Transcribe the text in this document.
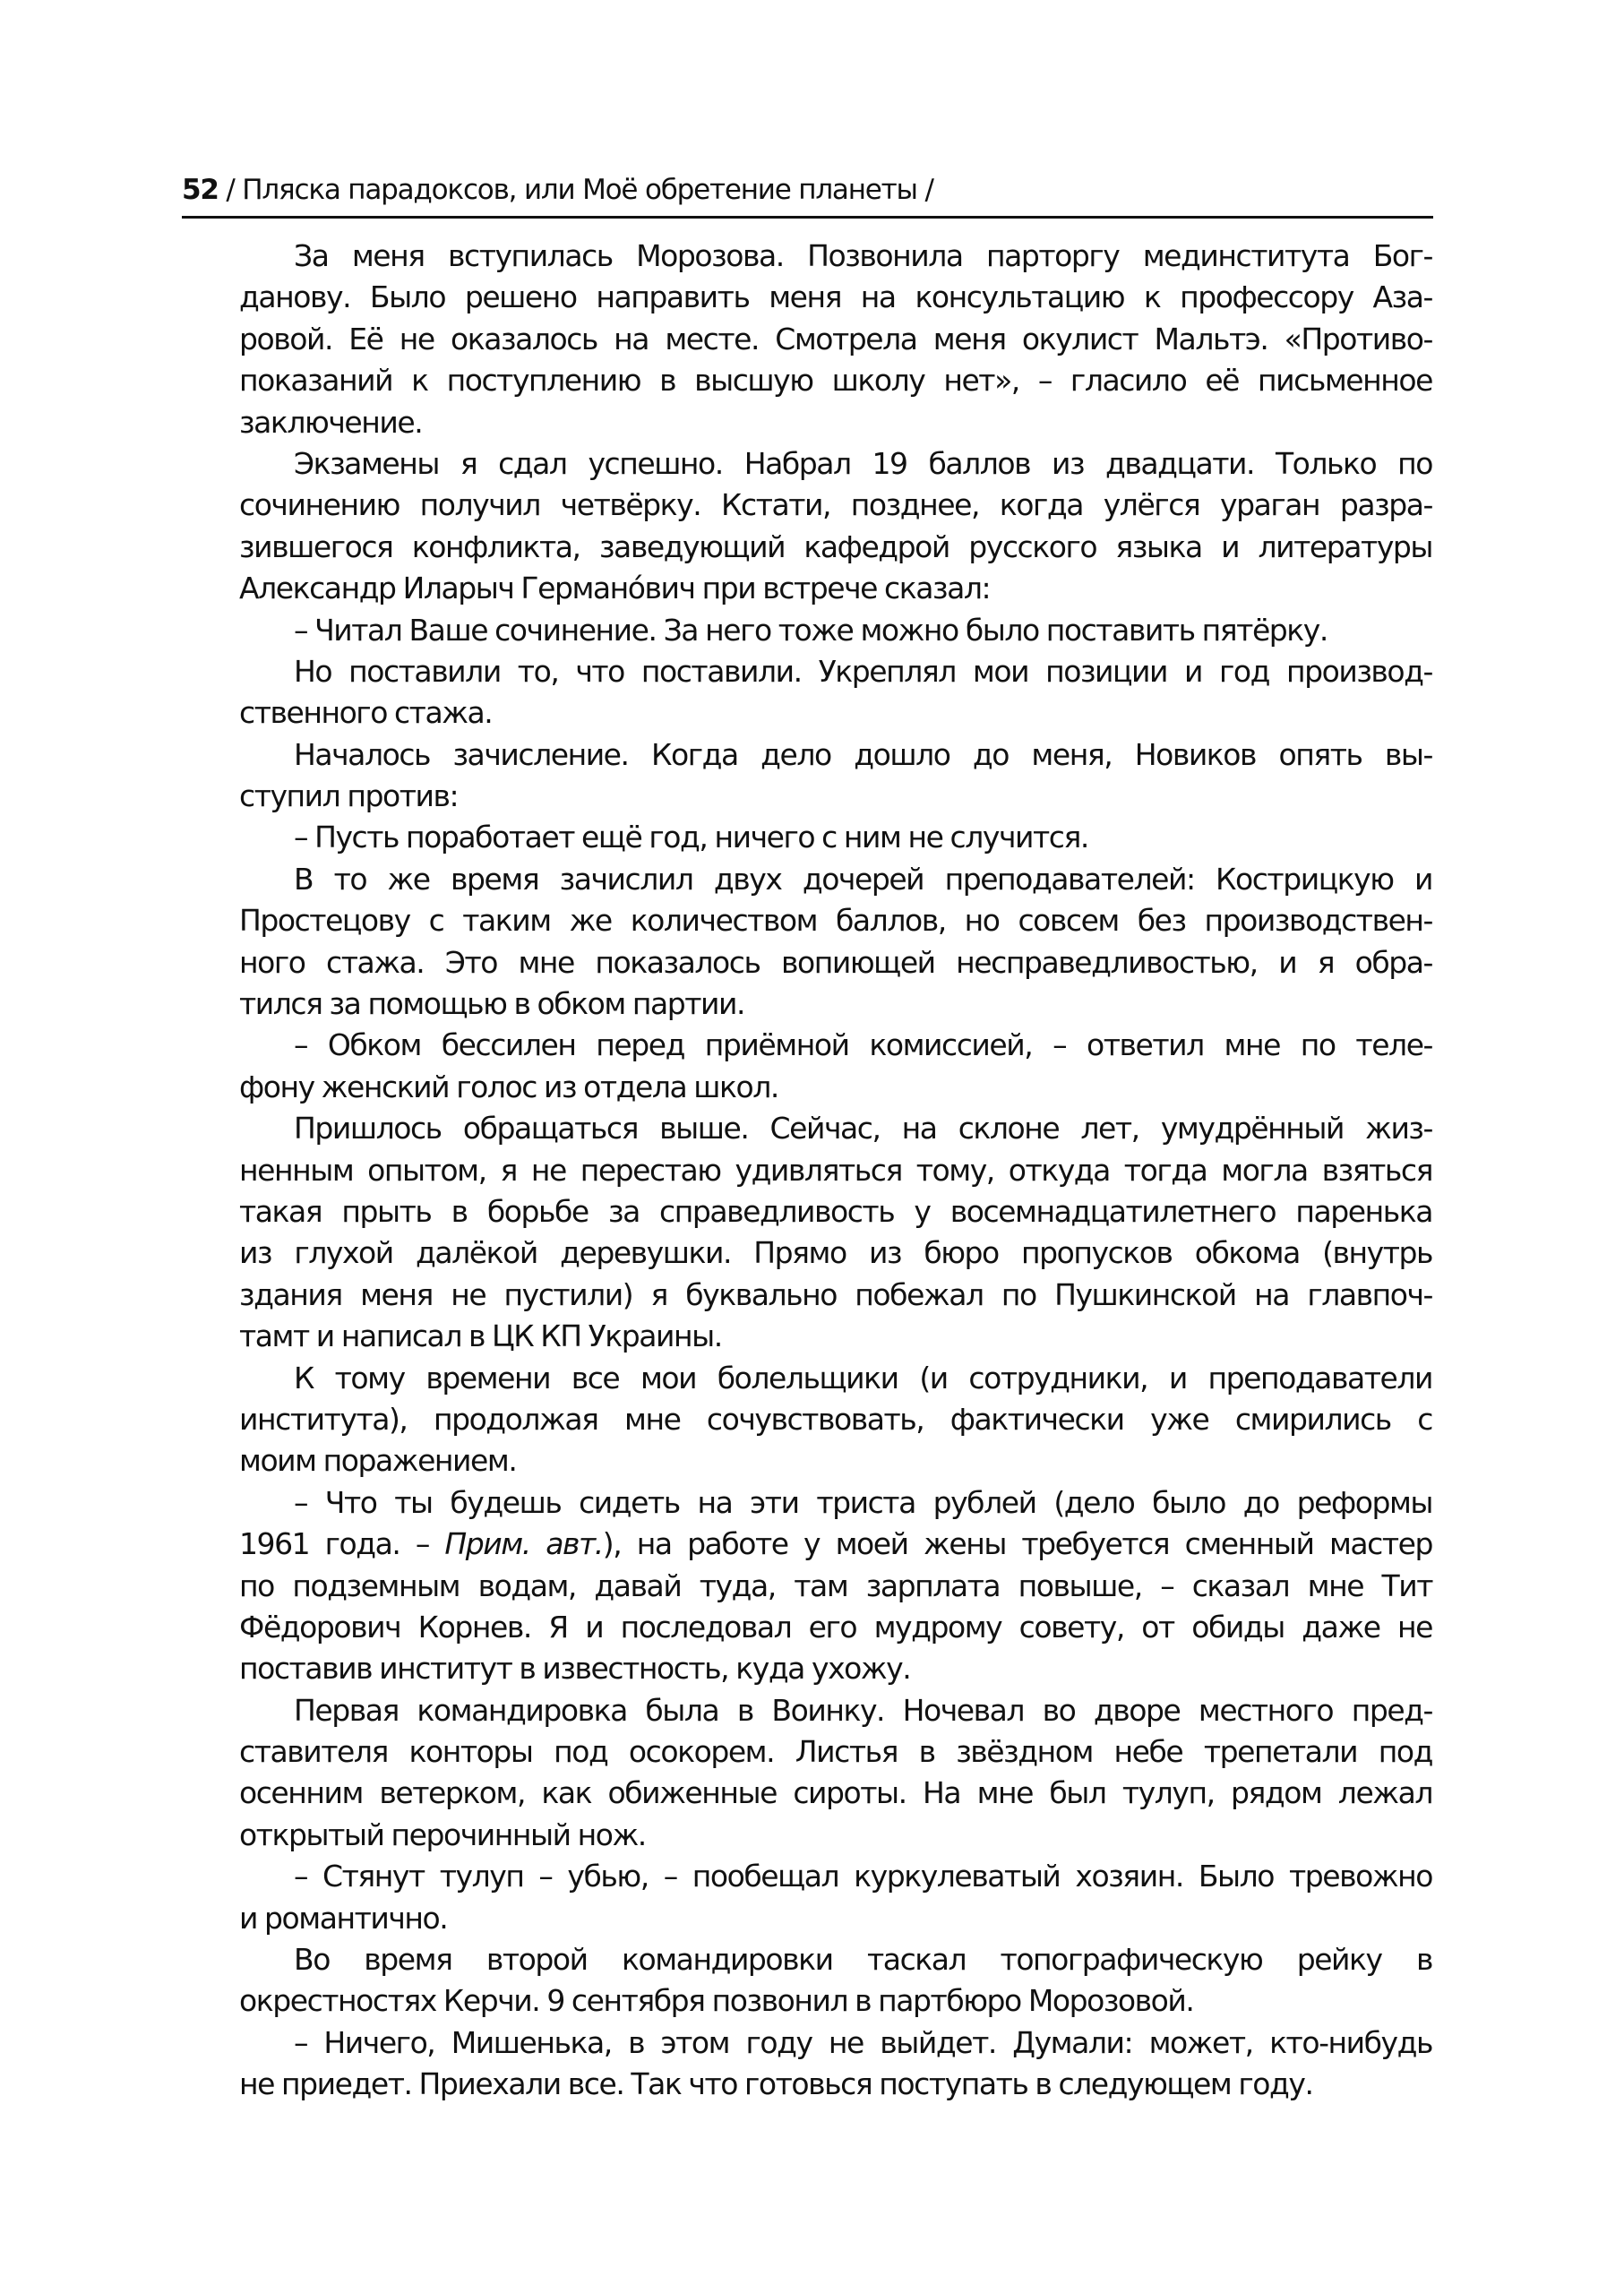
52 / Пляска парадоксов, или Моё обретение планеты /
За меня вступилась Морозова. Позвонила парторгу мединститута Бог-
данову. Было решено направить меня на консультацию к профессору Аза-
ровой. Её не оказалось на месте. Смотрела меня окулист Мальтэ. «Противо-
показаний к поступлению в высшую школу нет», – гласило её письменное
заключение.
Экзамены я сдал успешно. Набрал 19 баллов из двадцати. Только по
сочинению получил четвёрку. Кстати, позднее, когда улёгся ураган разра-
зившегося конфликта, заведующий кафедрой русского языка и литературы
Александр Иларыч Германо́вич при встрече сказал:
– Читал Ваше сочинение. За него тоже можно было поставить пятёрку.
Но поставили то, что поставили. Укреплял мои позиции и год производ-
ственного стажа.
Началось зачисление. Когда дело дошло до меня, Новиков опять вы-
ступил против:
– Пусть поработает ещё год, ничего с ним не случится.
В то же время зачислил двух дочерей преподавателей: Кострицкую и
Простецову с таким же количеством баллов, но совсем без производствен-
ного стажа. Это мне показалось вопиющей несправедливостью, и я обра-
тился за помощью в обком партии.
– Обком бессилен перед приёмной комиссией, – ответил мне по теле-
фону женский голос из отдела школ.
Пришлось обращаться выше. Сейчас, на склоне лет, умудрённый жиз-
ненным опытом, я не перестаю удивляться тому, откуда тогда могла взяться
такая прыть в борьбе за справедливость у восемнадцатилетнего паренька
из глухой далёкой деревушки. Прямо из бюро пропусков обкома (внутрь
здания меня не пустили) я буквально побежал по Пушкинской на главпоч-
тамт и написал в ЦК КП Украины.
К тому времени все мои болельщики (и сотрудники, и преподаватели
института), продолжая мне сочувствовать, фактически уже смирились с
моим поражением.
– Что ты будешь сидеть на эти триста рублей (дело было до реформы
1961 года. – Прим. авт.), на работе у моей жены требуется сменный мастер
по подземным водам, давай туда, там зарплата повыше, – сказал мне Тит
Фёдорович Корнев. Я и последовал его мудрому совету, от обиды даже не
поставив институт в известность, куда ухожу.
Первая командировка была в Воинку. Ночевал во дворе местного пред-
ставителя конторы под осокорем. Листья в звёздном небе трепетали под
осенним ветерком, как обиженные сироты. На мне был тулуп, рядом лежал
открытый перочинный нож.
– Стянут тулуп – убью, – пообещал куркулеватый хозяин. Было тревожно
и романтично.
Во время второй командировки таскал топографическую рейку в
окрестностях Керчи. 9 сентября позвонил в партбюро Морозовой.
– Ничего, Мишенька, в этом году не выйдет. Думали: может, кто-нибудь
не приедет. Приехали все. Так что готовься поступать в следующем году.
